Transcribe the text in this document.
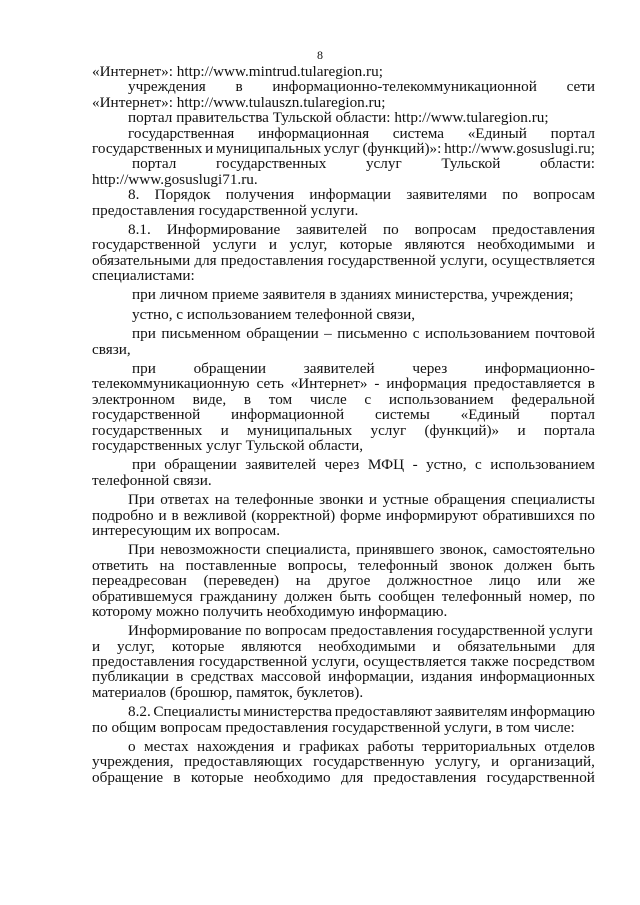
8
«Интернет»: http://www.mintrud.tularegion.ru;
учреждения в информационно-телекоммуникационной сети
«Интернет»: http://www.tulauszn.tularegion.ru;
портал правительства Тульской области: http://www.tularegion.ru;
государственная информационная система «Единый портал
государственных и муниципальных услуг (функций)»: http://www.gosuslugi.ru;
портал	государственных	услуг	Тульской	области:
http://www.gosuslugi71.ru.
8. Порядок получения информации заявителями по вопросам
предоставления государственной услуги.
8.1. Информирование заявителей по вопросам предоставления
государственной услуги и услуг, которые являются необходимыми и
обязательными для предоставления государственной услуги, осуществляется
специалистами:
при личном приеме заявителя в зданиях министерства, учреждения;
устно, с использованием телефонной связи,
при письменном обращении – письменно с использованием почтовой
связи,
при обращении заявителей через информационно-
телекоммуникационную сеть «Интернет» - информация предоставляется в
электронном виде, в том числе с использованием федеральной
государственной информационной системы «Единый портал
государственных и муниципальных услуг (функций)» и портала
государственных услуг Тульской области,
при обращении заявителей через МФЦ - устно, с использованием
телефонной связи.
При ответах на телефонные звонки и устные обращения специалисты
подробно и в вежливой (корректной) форме информируют обратившихся по
интересующим их вопросам.
При невозможности специалиста, принявшего звонок, самостоятельно
ответить на поставленные вопросы, телефонный звонок должен быть
переадресован (переведен) на другое должностное лицо или же
обратившемуся гражданину должен быть сообщен телефонный номер, по
которому можно получить необходимую информацию.
Информирование по вопросам предоставления государственной услуги
и услуг, которые являются необходимыми и обязательными для
предоставления государственной услуги, осуществляется также посредством
публикации в средствах массовой информации, издания информационных
материалов (брошюр, памяток, буклетов).
8.2. Специалисты министерства предоставляют заявителям информацию
по общим вопросам предоставления государственной услуги, в том числе:
о местах нахождения и графиках работы территориальных отделов
учреждения, предоставляющих государственную услугу, и организаций,
обращение в которые необходимо для предоставления государственной
